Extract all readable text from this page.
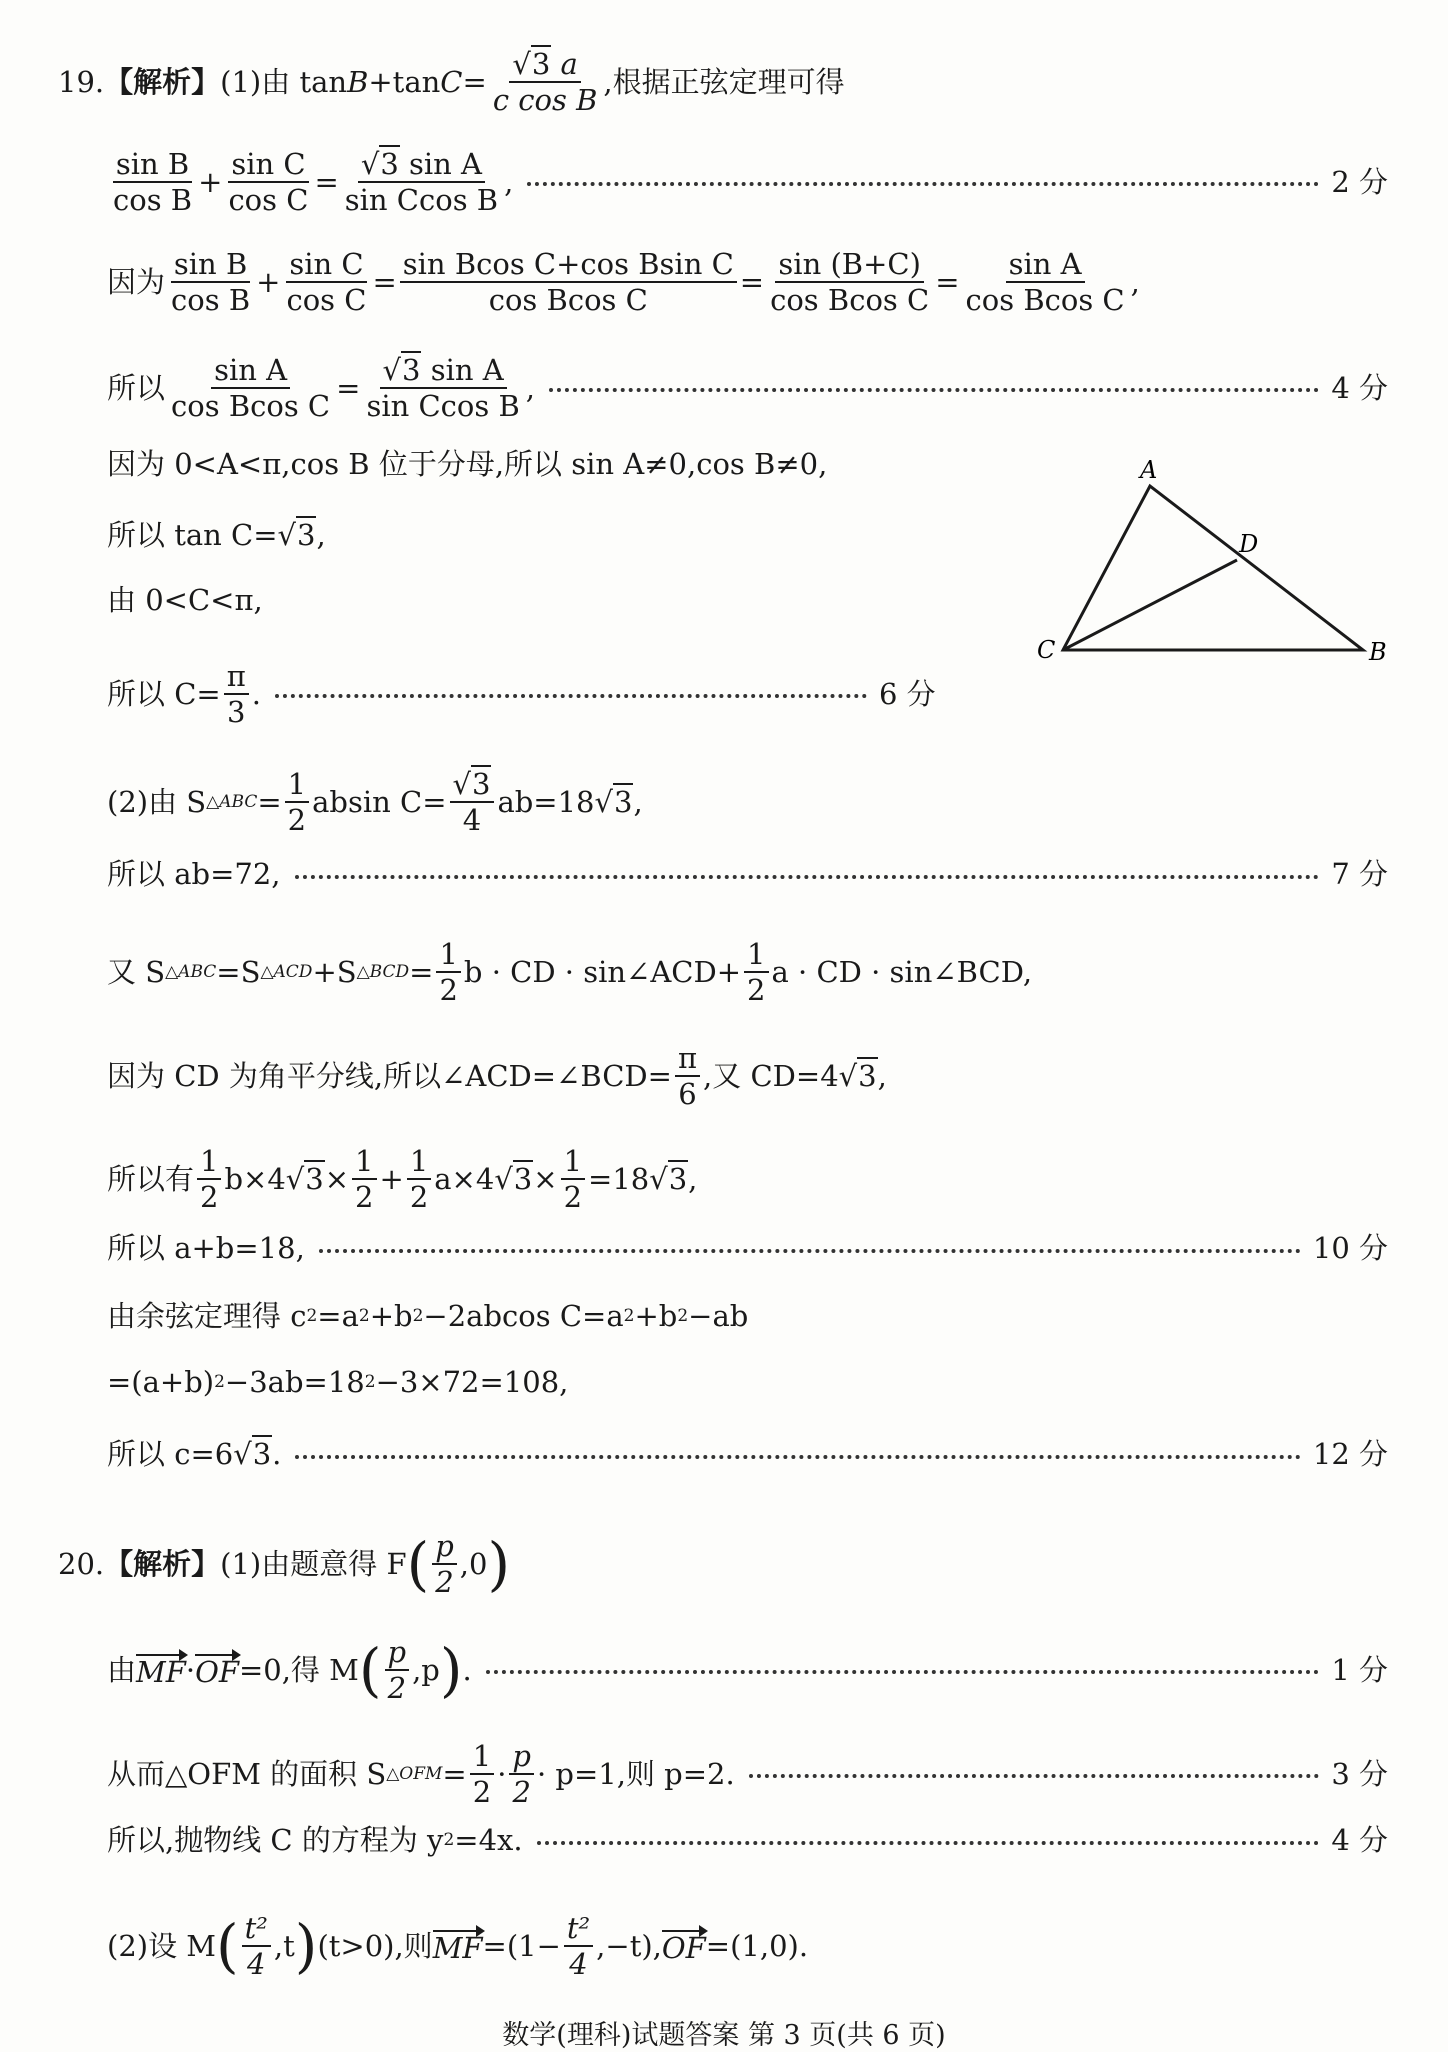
19. 【解析】 (1)由 tan B +tan $C = \frac{√3 a}{\text{c cos B}}$ ,根据正弦定理可得
$\frac{\text{sin B}}{\text{cos B}} + \frac{\text{sin C}}{\text{cos C}} = \frac{\text{√3 sin A}}{\text{sin Ccos B}}$ ,	2 分
因为 $\frac{\text{sin B}}{\text{cos B}} + \frac{\text{sin C}}{\text{cos C}} = \frac{\text{sin Bcos C+cos Bsin C}}{\text{cos Bcos C}} = \frac{\sin (B+C)}{\text{cos Bcos C}} = \frac{\text{sin A}}{\text{cos Bcos C}}$ ,
所以 $\frac{\text{sin A}}{\text{cos Bcos C}} = \frac{\text{√3 sin A}}{\text{sin Ccos B}}$ ,	4 分
因为 0<A<π,cos B 位于分母,所以 sin A≠0,cos B≠0,
所以 tan C= √ 3 ,
由 0<C<π,
所以 $C= \frac{\pi}{3}$ .	6 分
A
D
C	B
(2)由 S △ABC = $\frac{1}{2}$ absin $C= \frac{√3}{4} ab=18$ √ 3 ,
所以 ab=72,	7 分
又 S △ABC =S △ACD +S △BCD = $\frac{1}{2}$ b · CD · sin∠ACD+ $\frac{1}{2}$ a · CD · sin∠BCD,
因为 CD 为角平分线,所以∠ACD=∠BCD= $\frac{\pi}{6}$ ,又 CD=4 √ 3 ,
所以有 $\frac{1}{2} b\times 4$ √ $3 \times \frac{1}{2} + \frac{1}{2} a\times 4$ √ $3 \times \frac{1}{2} =18$ √ 3 ,
所以 a+b=18,	10 分
由余弦定理得 c 2 =a 2 +b 2 −2abcos C=a 2 +b 2 −ab
=(a+b) 2 −3ab=18 2 −3×72=108,
所以 c=6 √ 3 .	12 分
20. 【解析】 (1)由题意得 F ( $\frac{p}{2} ,0$ )
由 MF · OF =0,得 M ( $\frac{p}{2} ,p$ ) .	1 分
从而△OFM 的面积 S △OFM = $\frac{1}{2} \cdot \frac{p}{2} \cdot p=1$,则 p=2.	3 分
所以,抛物线 C 的方程为 y 2 =4x.	4 分
(2)设 M ( $\frac{\text{t²}}{4} ,t$ ) (t>0),则 MF $=(1- \frac{\text{t²}}{4} ,-t)$, OF =(1,0).
数学(理科)试题答案 第 3 页(共 6 页)
